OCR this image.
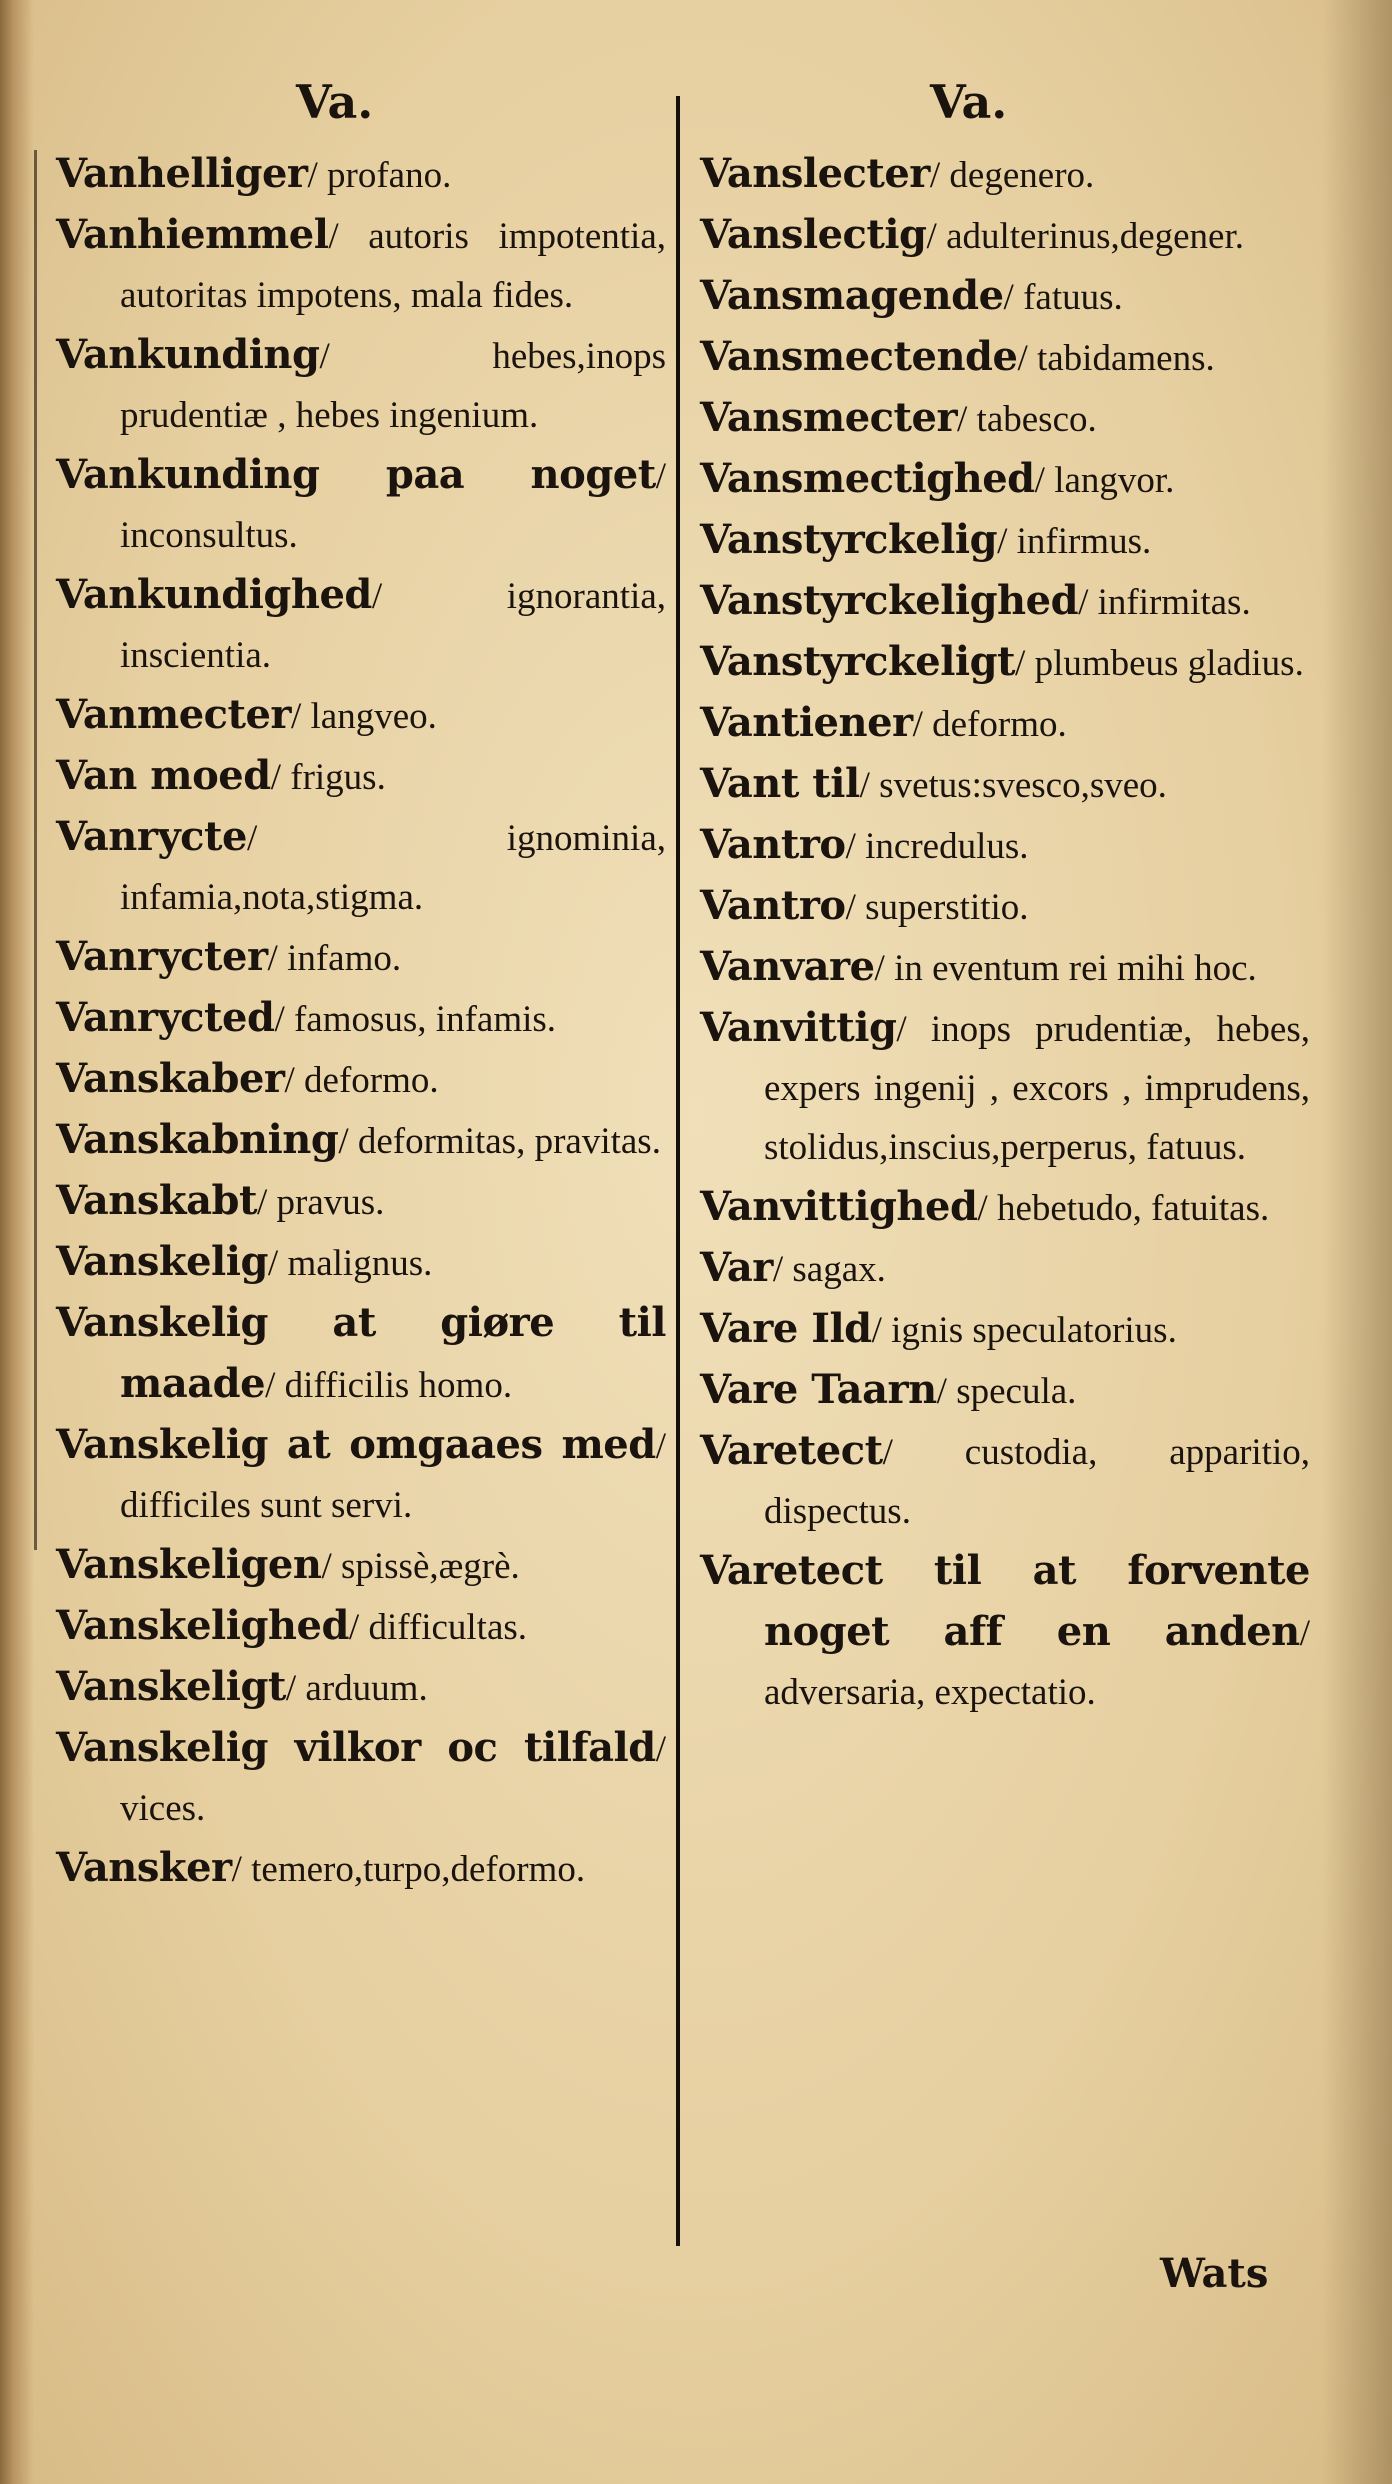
Va.
Vanhelliger/ profano.
Vanhiemmel/ autoris impotentia, autoritas impotens, mala fides.
Vankunding/ hebes,inops prudentiæ , hebes ingenium.
Vankunding paa noget/ inconsultus.
Vankundighed/ ignorantia, inscientia.
Vanmecter/ langveo.
Van moed/ frigus.
Vanrycte/ ignominia, infamia,nota,stigma.
Vanrycter/ infamo.
Vanrycted/ famosus, infamis.
Vanskaber/ deformo.
Vanskabning/ deformitas, pravitas.
Vanskabt/ pravus.
Vanskelig/ malignus.
Vanskelig at giøre til maade/ difficilis homo.
Vanskelig at omgaaes med/ difficiles sunt servi.
Vanskeligen/ spissè,ægrè.
Vanskelighed/ difficultas.
Vanskeligt/ arduum.
Vanskelig vilkor oc tilfald/ vices.
Vansker/ temero,turpo,deformo.
Va.
Vanslecter/ degenero.
Vanslectig/ adulterinus,degener.
Vansmagende/ fatuus.
Vansmectende/ tabidamens.
Vansmecter/ tabesco.
Vansmectighed/ langvor.
Vanstyrckelig/ infirmus.
Vanstyrckelighed/ infirmitas.
Vanstyrckeligt/ plumbeus gladius.
Vantiener/ deformo.
Vant til/ svetus:svesco,sveo.
Vantro/ incredulus.
Vantro/ superstitio.
Vanvare/ in eventum rei mihi hoc.
Vanvittig/ inops prudentiæ, hebes, expers ingenij , excors , imprudens, stolidus,inscius,perperus, fatuus.
Vanvittighed/ hebetudo, fatuitas.
Var/ sagax.
Vare Ild/ ignis speculatorius.
Vare Taarn/ specula.
Varetect/ custodia, apparitio, dispectus.
Varetect til at forvente noget aff en anden/ adversaria, expectatio.
Wats
